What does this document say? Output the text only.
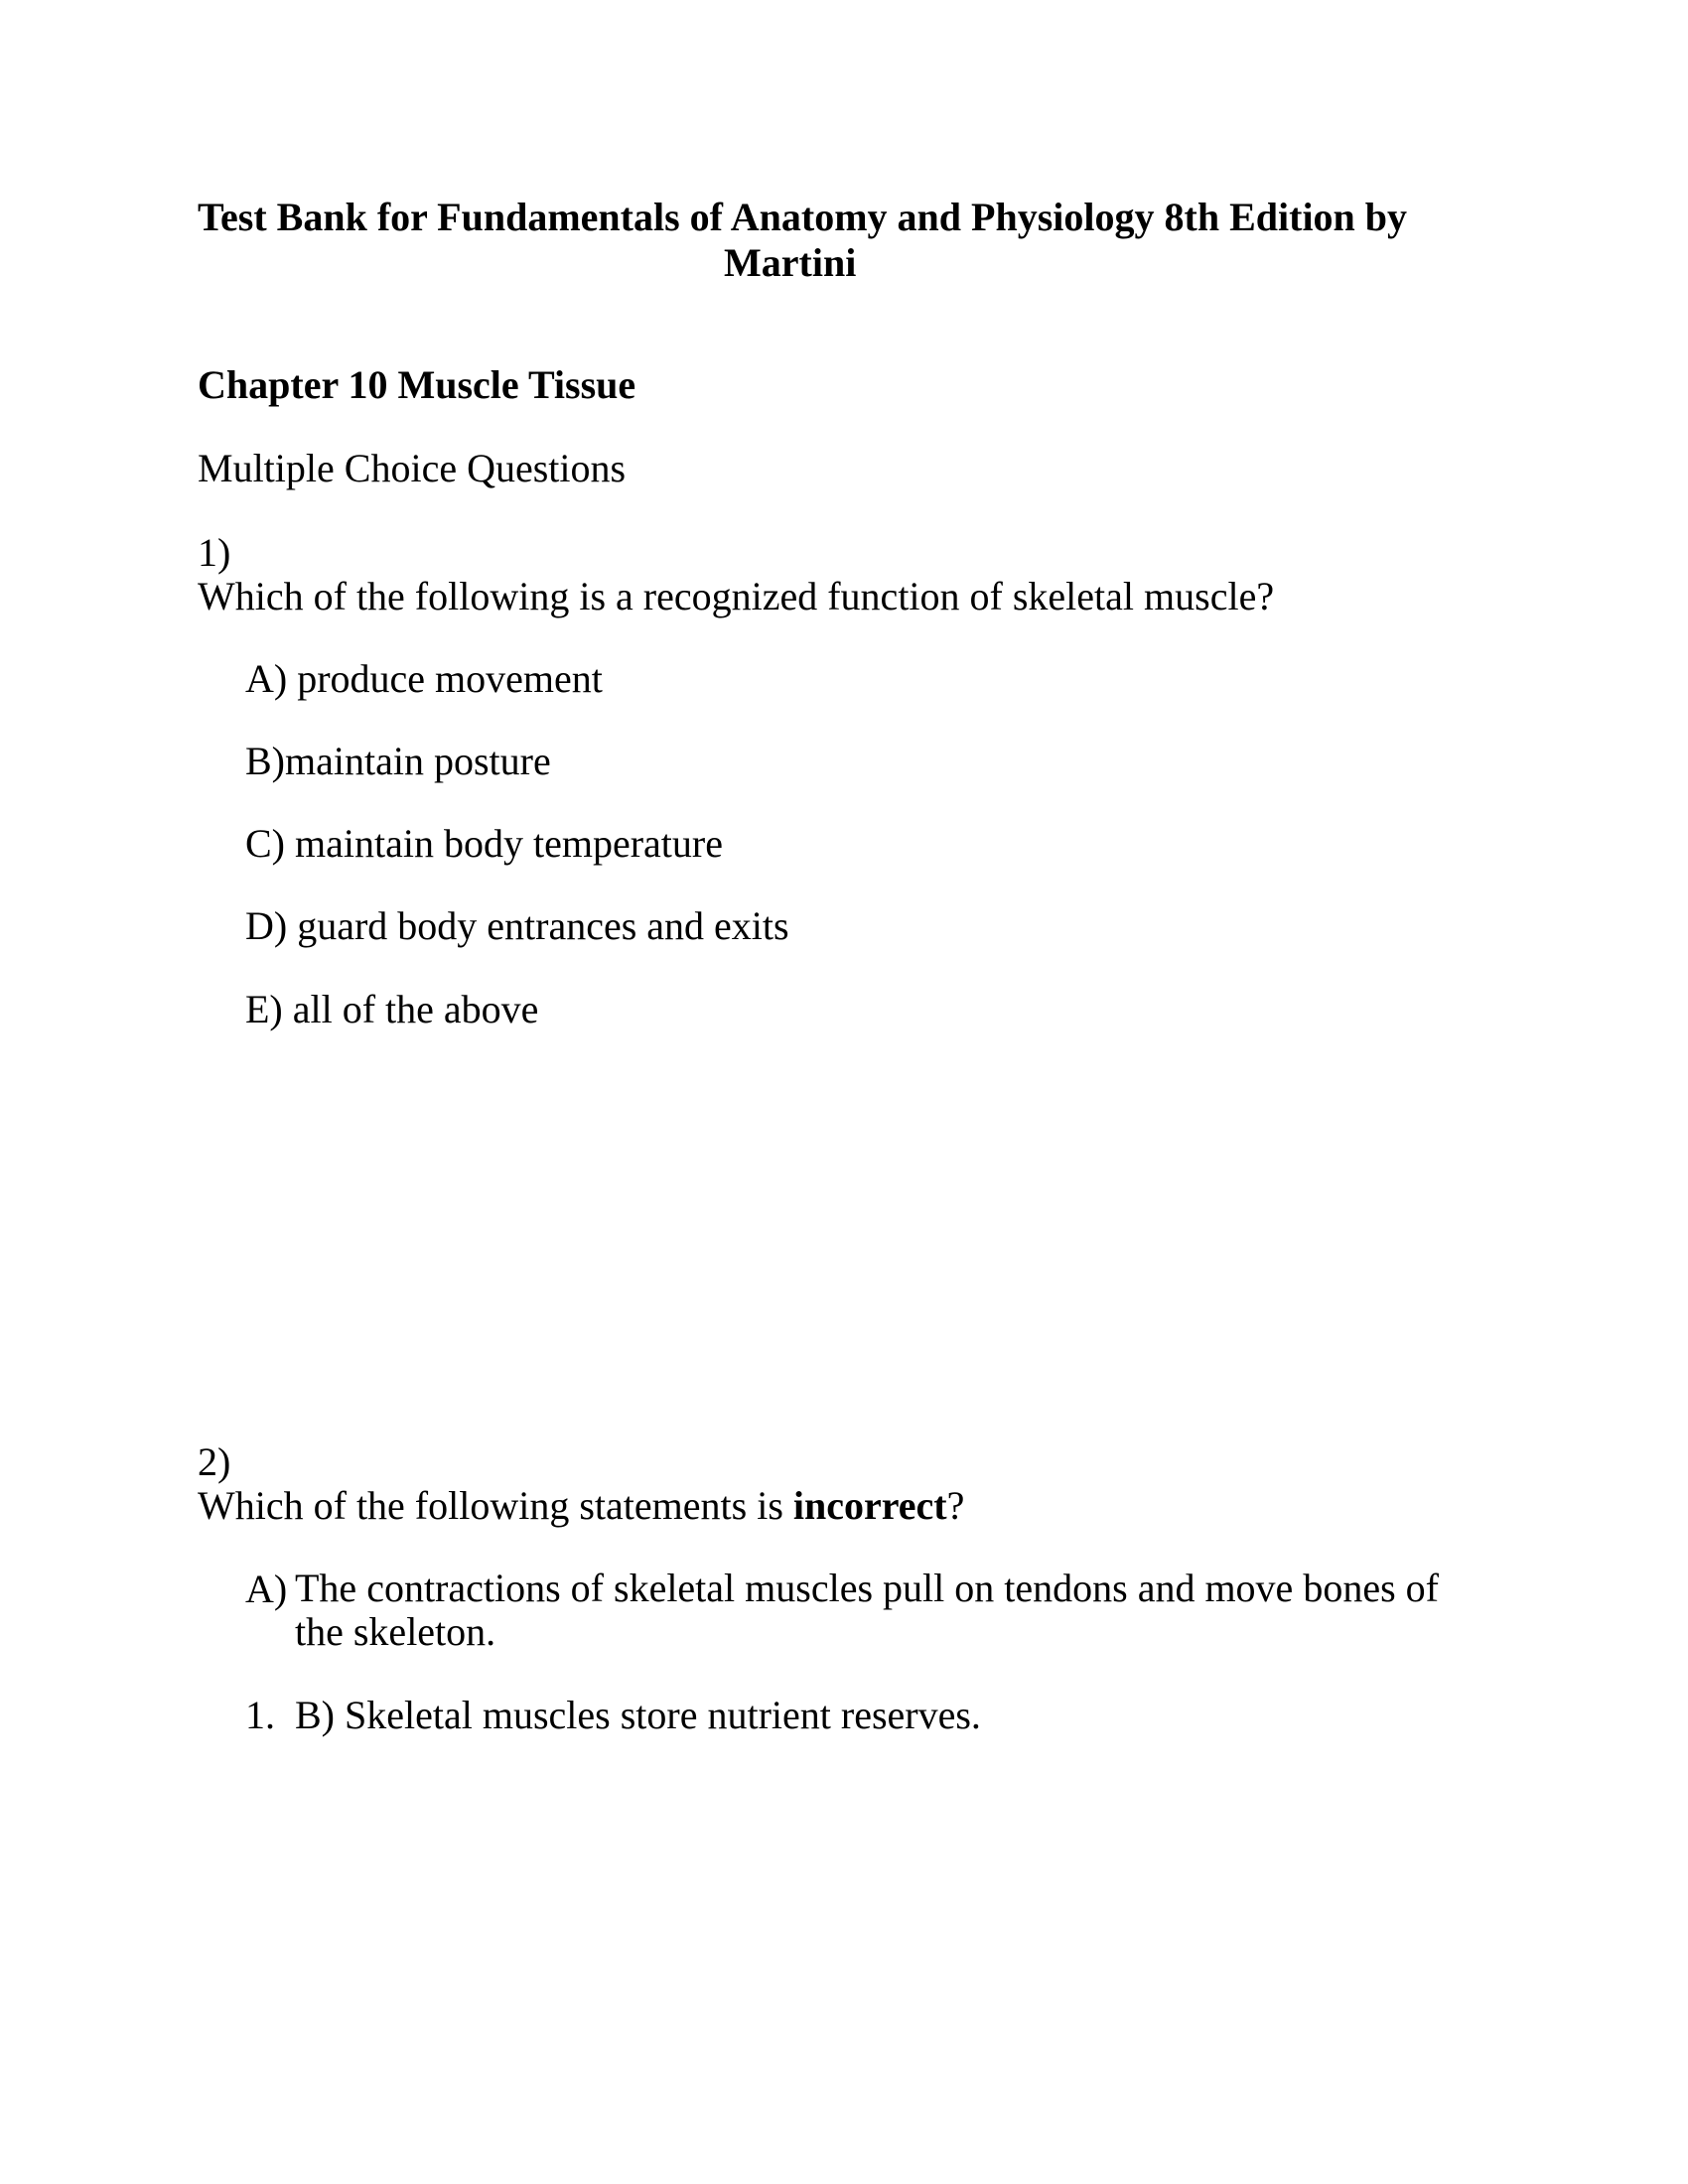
Test Bank for Fundamentals of Anatomy and Physiology 8th Edition by
Martini
Chapter 10 Muscle Tissue
Multiple Choice Questions
1)
Which of the following is a recognized function of skeletal muscle?
A) produce movement
B)maintain posture
C) maintain body temperature
D) guard body entrances and exits
E) all of the above
2)
Which of the following statements is incorrect?
A) The contractions of skeletal muscles pull on tendons and move bones of the skeleton.
1. B) Skeletal muscles store nutrient reserves.
